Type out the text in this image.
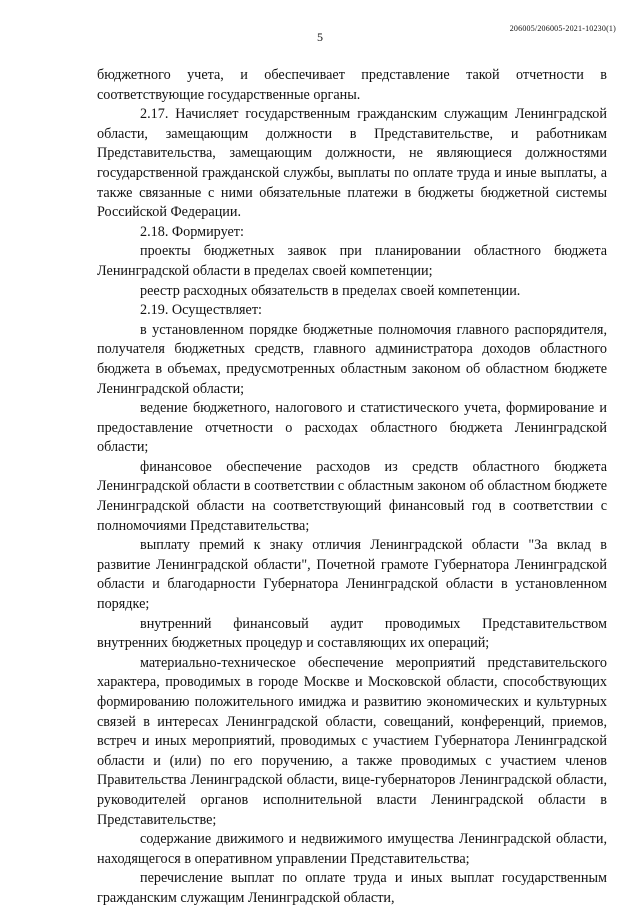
206005/206005-2021-10230(1)
5

бюджетного учета, и обеспечивает представление такой отчетности в соответствующие государственные органы.

2.17. Начисляет государственным гражданским служащим Ленинградской области, замещающим должности в Представительстве, и работникам Представительства, замещающим должности, не являющиеся должностями государственной гражданской службы, выплаты по оплате труда и иные выплаты, а также связанные с ними обязательные платежи в бюджеты бюджетной системы Российской Федерации.

2.18. Формирует:

проекты бюджетных заявок при планировании областного бюджета Ленинградской области в пределах своей компетенции;

реестр расходных обязательств в пределах своей компетенции.

2.19. Осуществляет:

в установленном порядке бюджетные полномочия главного распорядителя, получателя бюджетных средств, главного администратора доходов областного бюджета в объемах, предусмотренных областным законом об областном бюджете Ленинградской области;

ведение бюджетного, налогового и статистического учета, формирование и предоставление отчетности о расходах областного бюджета Ленинградской области;

финансовое обеспечение расходов из средств областного бюджета Ленинградской области в соответствии с областным законом об областном бюджете Ленинградской области на соответствующий финансовый год в соответствии с полномочиями Представительства;

выплату премий к знаку отличия Ленинградской области "За вклад в развитие Ленинградской области", Почетной грамоте Губернатора Ленинградской области и благодарности Губернатора Ленинградской области в установленном порядке;

внутренний финансовый аудит проводимых Представительством внутренних бюджетных процедур и составляющих их операций;

материально-техническое обеспечение мероприятий представительского характера, проводимых в городе Москве и Московской области, способствующих формированию положительного имиджа и развитию экономических и культурных связей в интересах Ленинградской области, совещаний, конференций, приемов, встреч и иных мероприятий, проводимых с участием Губернатора Ленинградской области и (или) по его поручению, а также проводимых с участием членов Правительства Ленинградской области, вице-губернаторов Ленинградской области, руководителей органов исполнительной власти Ленинградской области в Представительстве;

содержание движимого и недвижимого имущества Ленинградской области, находящегося в оперативном управлении Представительства;

перечисление выплат по оплате труда и иных выплат государственным гражданским служащим Ленинградской области,
